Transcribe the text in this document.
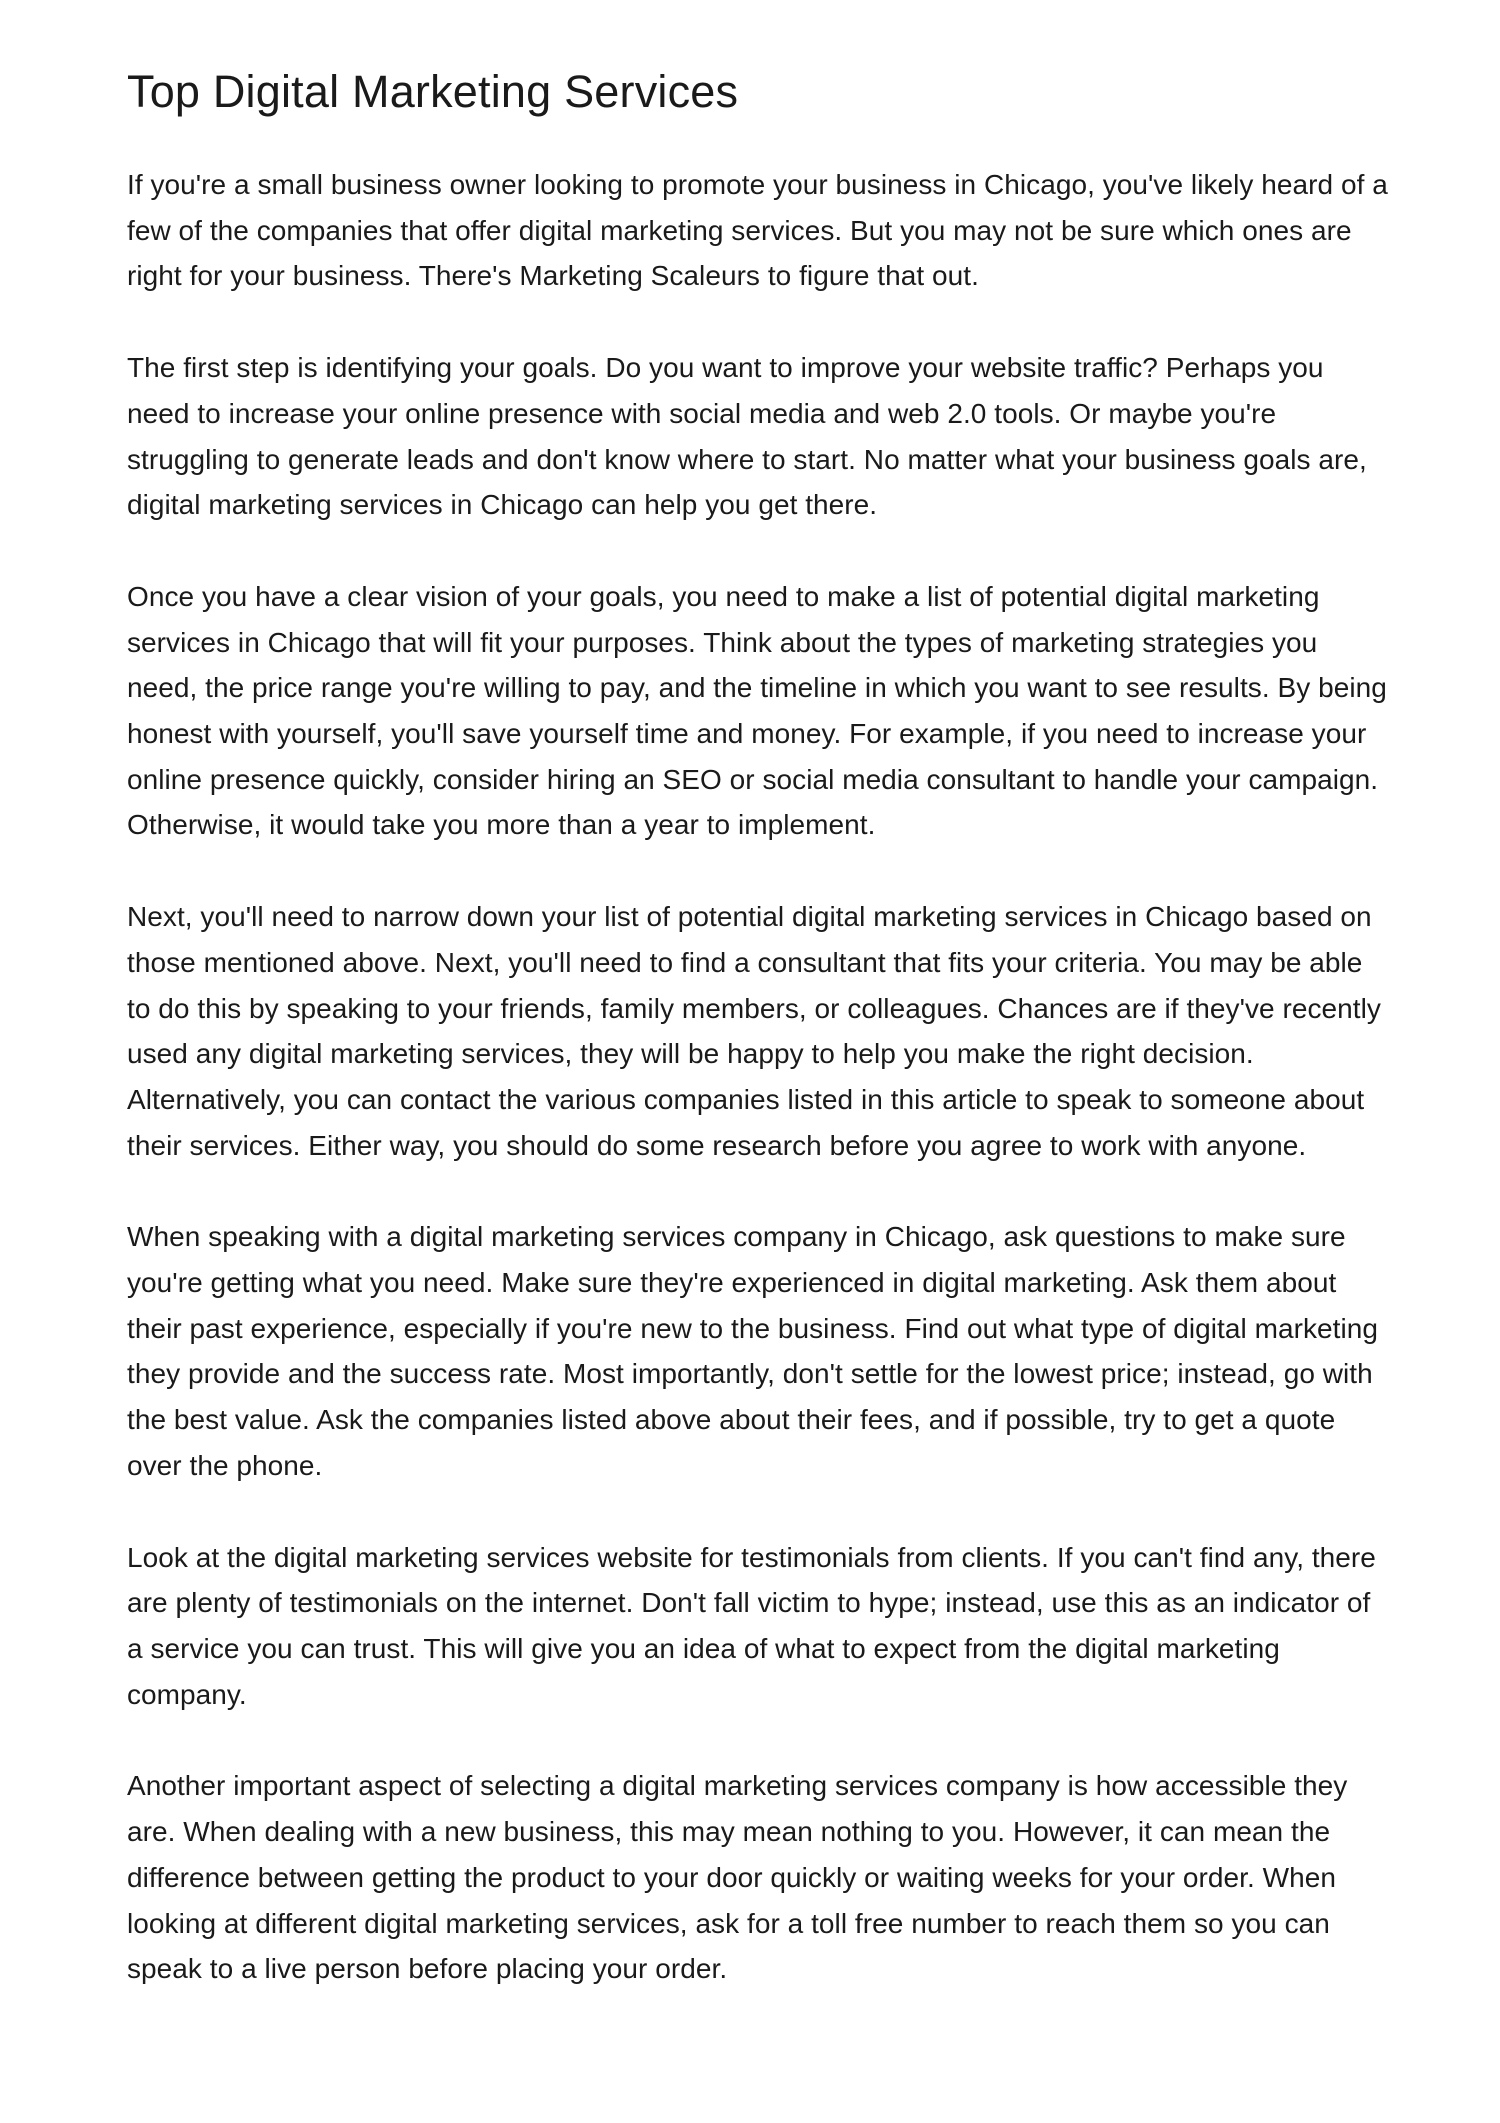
Top Digital Marketing Services

If you're a small business owner looking to promote your business in Chicago, you've likely heard of a few of the companies that offer digital marketing services. But you may not be sure which ones are right for your business. There's Marketing Scaleurs to figure that out.

The first step is identifying your goals. Do you want to improve your website traffic? Perhaps you need to increase your online presence with social media and web 2.0 tools. Or maybe you're struggling to generate leads and don't know where to start. No matter what your business goals are, digital marketing services in Chicago can help you get there.

Once you have a clear vision of your goals, you need to make a list of potential digital marketing services in Chicago that will fit your purposes. Think about the types of marketing strategies you need, the price range you're willing to pay, and the timeline in which you want to see results. By being honest with yourself, you'll save yourself time and money. For example, if you need to increase your online presence quickly, consider hiring an SEO or social media consultant to handle your campaign. Otherwise, it would take you more than a year to implement.

Next, you'll need to narrow down your list of potential digital marketing services in Chicago based on those mentioned above. Next, you'll need to find a consultant that fits your criteria. You may be able to do this by speaking to your friends, family members, or colleagues. Chances are if they've recently used any digital marketing services, they will be happy to help you make the right decision. Alternatively, you can contact the various companies listed in this article to speak to someone about their services. Either way, you should do some research before you agree to work with anyone.

When speaking with a digital marketing services company in Chicago, ask questions to make sure you're getting what you need. Make sure they're experienced in digital marketing. Ask them about their past experience, especially if you're new to the business. Find out what type of digital marketing they provide and the success rate. Most importantly, don't settle for the lowest price; instead, go with the best value. Ask the companies listed above about their fees, and if possible, try to get a quote over the phone.

Look at the digital marketing services website for testimonials from clients. If you can't find any, there are plenty of testimonials on the internet. Don't fall victim to hype; instead, use this as an indicator of a service you can trust. This will give you an idea of what to expect from the digital marketing company.

Another important aspect of selecting a digital marketing services company is how accessible they are. When dealing with a new business, this may mean nothing to you. However, it can mean the difference between getting the product to your door quickly or waiting weeks for your order. When looking at different digital marketing services, ask for a toll free number to reach them so you can speak to a live person before placing your order.
